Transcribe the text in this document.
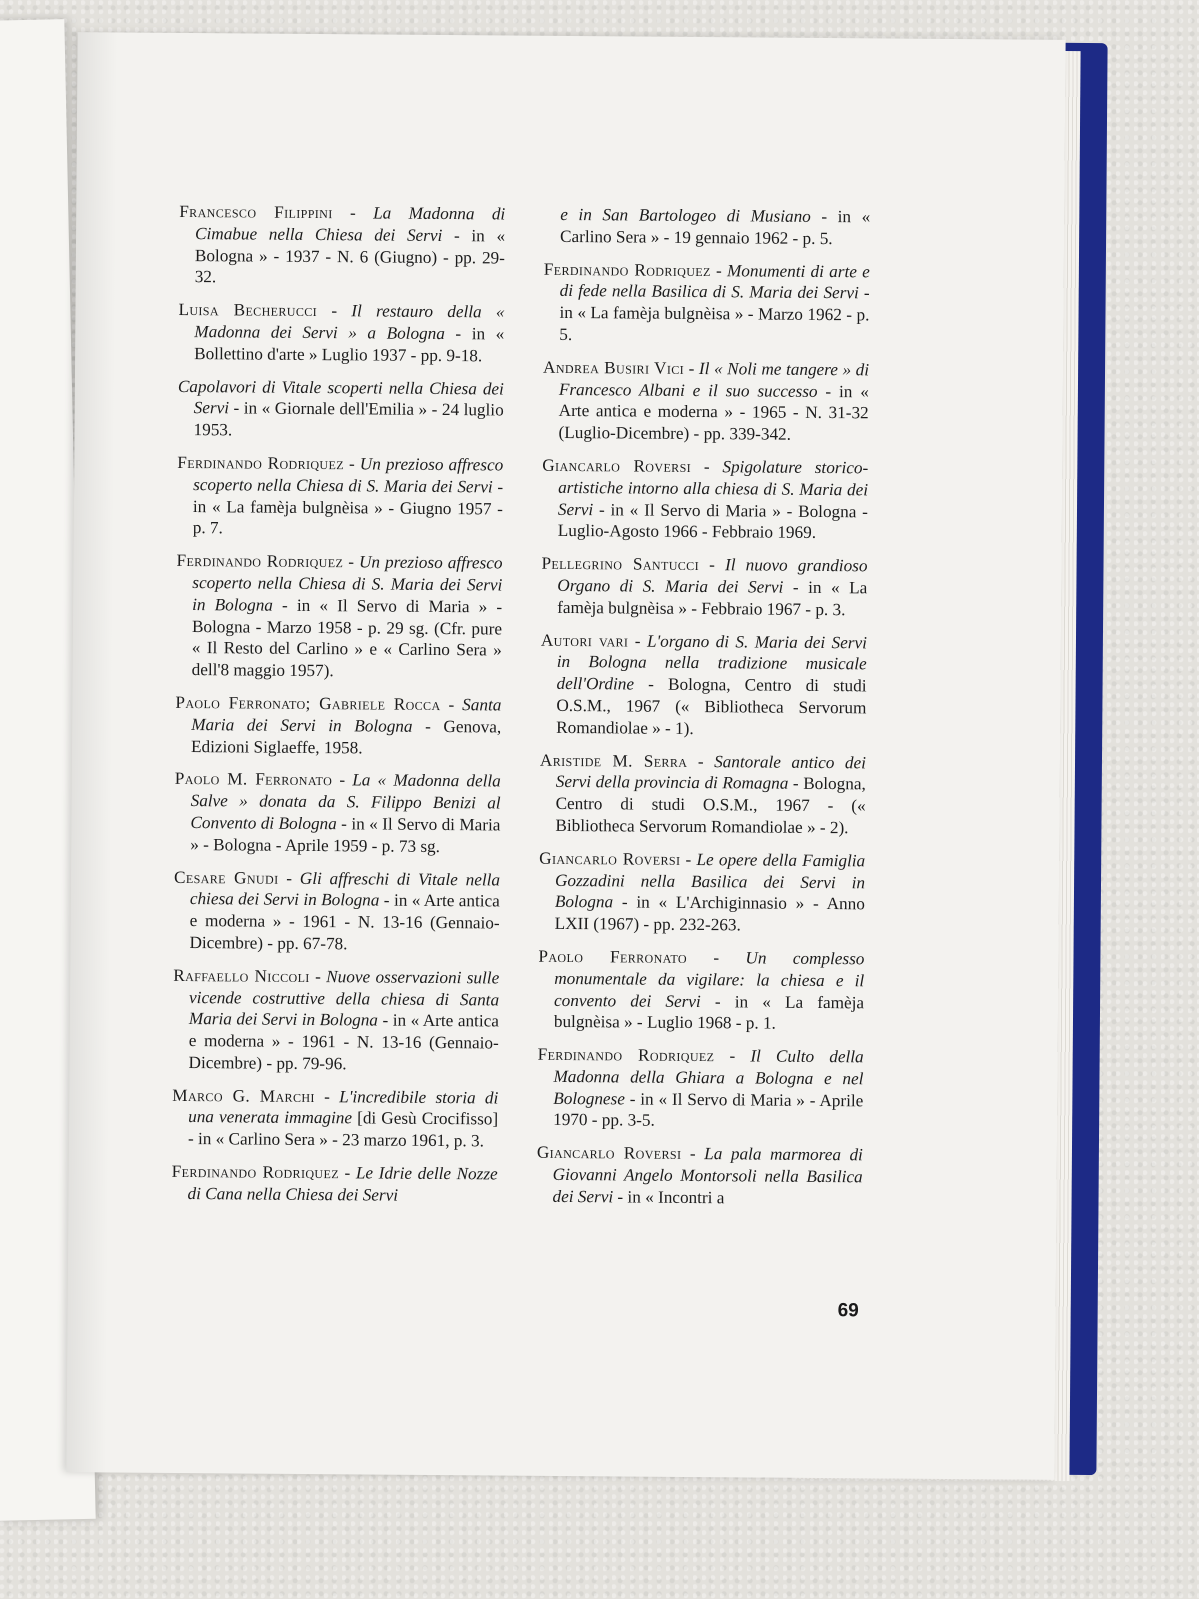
Francesco Filippini - La Madonna di Cimabue nella Chiesa dei Servi - in « Bologna » - 1937 - N. 6 (Giugno) - pp. 29-32.
Luisa Becherucci - Il restauro della « Madonna dei Servi » a Bologna - in « Bollettino d'arte » Luglio 1937 - pp. 9-18.
Capolavori di Vitale scoperti nella Chiesa dei Servi - in « Giornale dell'Emilia » - 24 luglio 1953.
Ferdinando Rodriquez - Un prezioso affresco scoperto nella Chiesa di S. Maria dei Servi - in « La famèja bulgnèisa » - Giugno 1957 - p. 7.
Ferdinando Rodriquez - Un prezioso affresco scoperto nella Chiesa di S. Maria dei Servi in Bologna - in « Il Servo di Maria » - Bologna - Marzo 1958 - p. 29 sg. (Cfr. pure « Il Resto del Carlino » e « Carlino Sera » dell'8 maggio 1957).
Paolo Ferronato; Gabriele Rocca - Santa Maria dei Servi in Bologna - Genova, Edizioni Siglaeffe, 1958.
Paolo M. Ferronato - La « Madonna della Salve » donata da S. Filippo Benizi al Convento di Bologna - in « Il Servo di Maria » - Bologna - Aprile 1959 - p. 73 sg.
Cesare Gnudi - Gli affreschi di Vitale nella chiesa dei Servi in Bologna - in « Arte antica e moderna » - 1961 - N. 13-16 (Gennaio-Dicembre) - pp. 67-78.
Raffaello Niccoli - Nuove osservazioni sulle vicende costruttive della chiesa di Santa Maria dei Servi in Bologna - in « Arte antica e moderna » - 1961 - N. 13-16 (Gennaio-Dicembre) - pp. 79-96.
Marco G. Marchi - L'incredibile storia di una venerata immagine [di Gesù Crocifisso] - in « Carlino Sera » - 23 marzo 1961, p. 3.
Ferdinando Rodriquez - Le Idrie delle Nozze di Cana nella Chiesa dei Servi
e in San Bartologeo di Musiano - in « Carlino Sera » - 19 gennaio 1962 - p. 5.
Ferdinando Rodriquez - Monumenti di arte e di fede nella Basilica di S. Maria dei Servi - in « La famèja bulgnèisa » - Marzo 1962 - p. 5.
Andrea Busiri Vici - Il « Noli me tangere » di Francesco Albani e il suo successo - in « Arte antica e moderna » - 1965 - N. 31-32 (Luglio-Dicembre) - pp. 339-342.
Giancarlo Roversi - Spigolature storico-artistiche intorno alla chiesa di S. Maria dei Servi - in « Il Servo di Maria » - Bologna - Luglio-Agosto 1966 - Febbraio 1969.
Pellegrino Santucci - Il nuovo grandioso Organo di S. Maria dei Servi - in « La famèja bulgnèisa » - Febbraio 1967 - p. 3.
Autori vari - L'organo di S. Maria dei Servi in Bologna nella tradizione musicale dell'Ordine - Bologna, Centro di studi O.S.M., 1967 (« Bibliotheca Servorum Romandiolae » - 1).
Aristide M. Serra - Santorale antico dei Servi della provincia di Romagna - Bologna, Centro di studi O.S.M., 1967 - (« Bibliotheca Servorum Romandiolae » - 2).
Giancarlo Roversi - Le opere della Famiglia Gozzadini nella Basilica dei Servi in Bologna - in « L'Archiginnasio » - Anno LXII (1967) - pp. 232-263.
Paolo Ferronato - Un complesso monumentale da vigilare: la chiesa e il convento dei Servi - in « La famèja bulgnèisa » - Luglio 1968 - p. 1.
Ferdinando Rodriquez - Il Culto della Madonna della Ghiara a Bologna e nel Bolognese - in « Il Servo di Maria » - Aprile 1970 - pp. 3-5.
Giancarlo Roversi - La pala marmorea di Giovanni Angelo Montorsoli nella Basilica dei Servi - in « Incontri a
69
